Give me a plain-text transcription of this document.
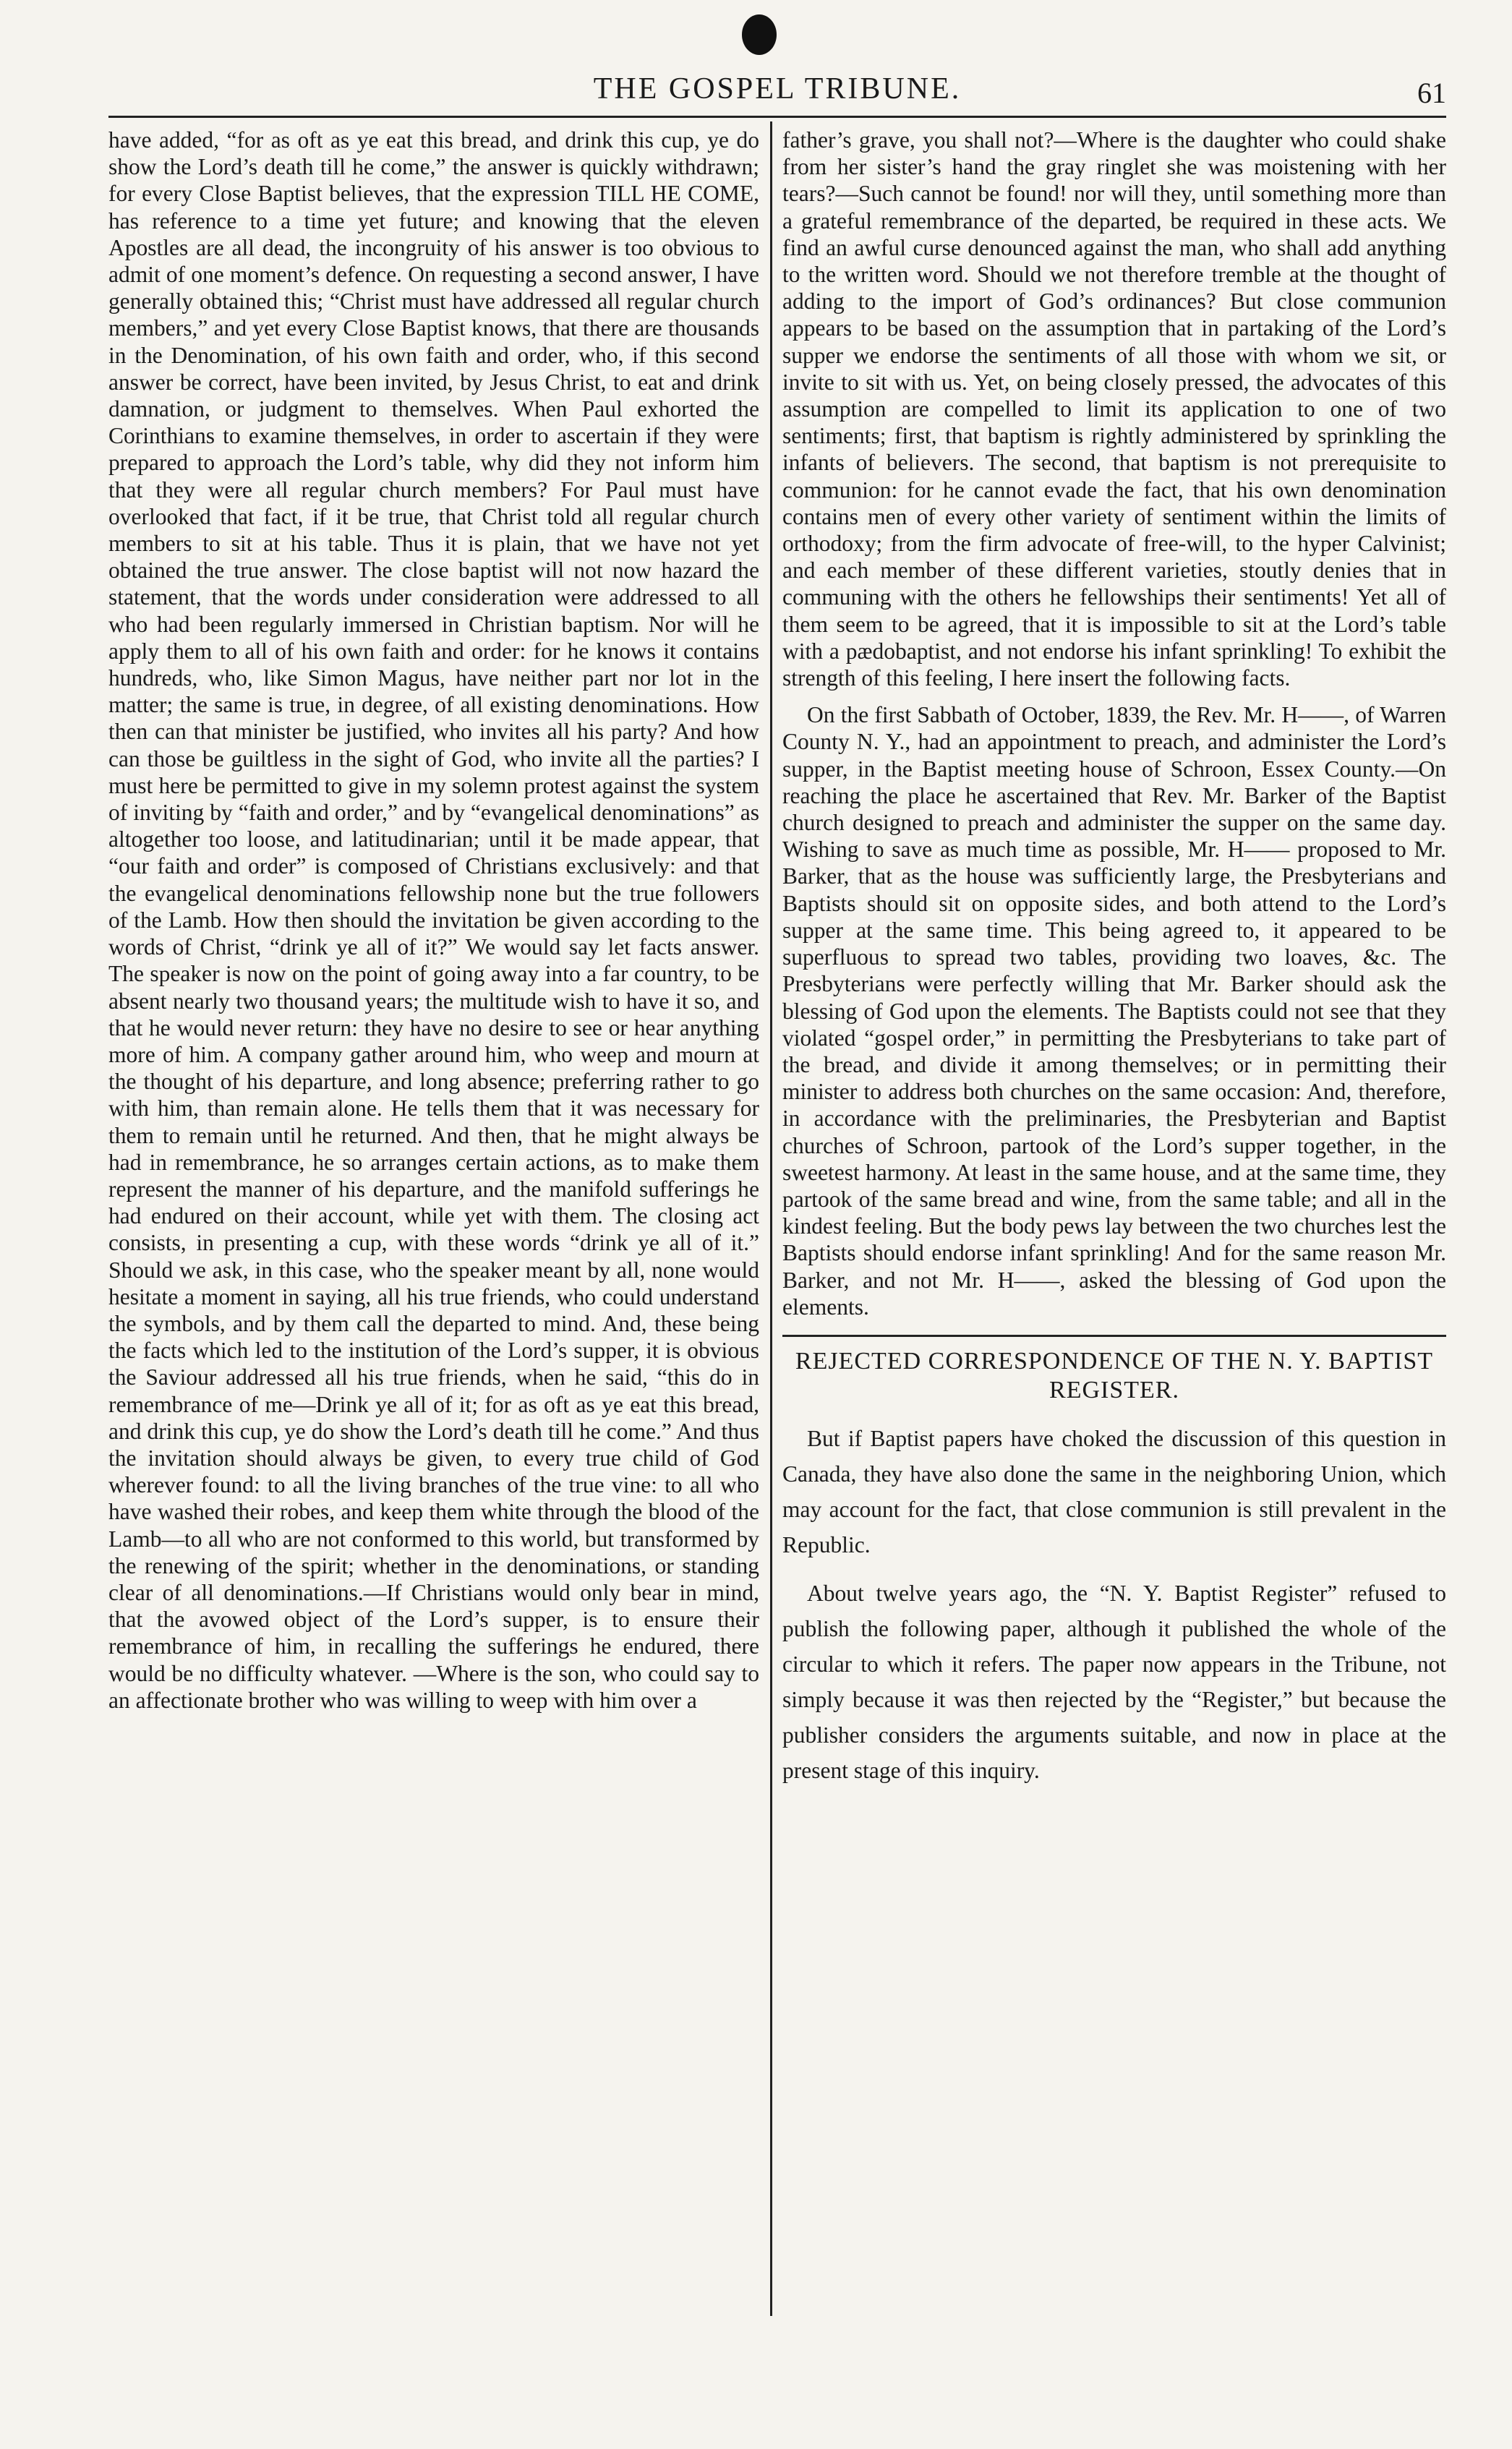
THE GOSPEL TRIBUNE.	61

have added, “for as oft as ye eat this bread, and drink this cup, ye do show the Lord’s death till he come,” the answer is quickly withdrawn; for every Close Baptist believes, that the expression TILL HE COME, has reference to a time yet future; and knowing that the eleven Apostles are all dead, the incongruity of his answer is too obvious to admit of one moment’s defence. On requesting a second answer, I have generally obtained this; “Christ must have addressed all regular church members,” and yet every Close Baptist knows, that there are thousands in the Denomination, of his own faith and order, who, if this second answer be correct, have been invited, by Jesus Christ, to eat and drink damnation, or judgment to themselves. When Paul exhorted the Corinthians to examine themselves, in order to ascertain if they were prepared to approach the Lord’s table, why did they not inform him that they were all regular church members? For Paul must have overlooked that fact, if it be true, that Christ told all regular church members to sit at his table. Thus it is plain, that we have not yet obtained the true answer. The close baptist will not now hazard the statement, that the words under consideration were addressed to all who had been regularly immersed in Christian baptism. Nor will he apply them to all of his own faith and order: for he knows it contains hundreds, who, like Simon Magus, have neither part nor lot in the matter; the same is true, in degree, of all existing denominations. How then can that minister be justified, who invites all his party? And how can those be guiltless in the sight of God, who invite all the parties? I must here be permitted to give in my solemn protest against the system of inviting by “faith and order,” and by “evangelical denominations” as altogether too loose, and latitudinarian; until it be made appear, that “our faith and order” is composed of Christians exclusively: and that the evangelical denominations fellowship none but the true followers of the Lamb. How then should the invitation be given according to the words of Christ, “drink ye all of it?” We would say let facts answer. The speaker is now on the point of going away into a far country, to be absent nearly two thousand years; the multitude wish to have it so, and that he would never return: they have no desire to see or hear anything more of him. A company gather around him, who weep and mourn at the thought of his departure, and long absence; preferring rather to go with him, than remain alone. He tells them that it was necessary for them to remain until he returned. And then, that he might always be had in remembrance, he so arranges certain actions, as to make them represent the manner of his departure, and the manifold sufferings he had endured on their account, while yet with them. The closing act consists, in presenting a cup, with these words “drink ye all of it.” Should we ask, in this case, who the speaker meant by all, none would hesitate a moment in saying, all his true friends, who could understand the symbols, and by them call the departed to mind. And, these being the facts which led to the institution of the Lord’s supper, it is obvious the Saviour addressed all his true friends, when he said, “this do in remembrance of me—Drink ye all of it; for as oft as ye eat this bread, and drink this cup, ye do show the Lord’s death till he come.” And thus the invitation should always be given, to every true child of God wherever found: to all the living branches of the true vine: to all who have washed their robes, and keep them white through the blood of the Lamb—to all who are not conformed to this world, but transformed by the renewing of the spirit; whether in the denominations, or standing clear of all denominations.—If Christians would only bear in mind, that the avowed object of the Lord’s supper, is to ensure their remembrance of him, in recalling the sufferings he endured, there would be no difficulty whatever. —Where is the son, who could say to an affectionate brother who was willing to weep with him over a

father’s grave, you shall not?—Where is the daughter who could shake from her sister’s hand the gray ringlet she was moistening with her tears?—Such cannot be found! nor will they, until something more than a grateful remembrance of the departed, be required in these acts. We find an awful curse denounced against the man, who shall add anything to the written word. Should we not therefore tremble at the thought of adding to the import of God’s ordinances? But close communion appears to be based on the assumption that in partaking of the Lord’s supper we endorse the sentiments of all those with whom we sit, or invite to sit with us. Yet, on being closely pressed, the advocates of this assumption are compelled to limit its application to one of two sentiments; first, that baptism is rightly administered by sprinkling the infants of believers. The second, that baptism is not prerequisite to communion: for he cannot evade the fact, that his own denomination contains men of every other variety of sentiment within the limits of orthodoxy; from the firm advocate of free-will, to the hyper Calvinist; and each member of these different varieties, stoutly denies that in communing with the others he fellowships their sentiments! Yet all of them seem to be agreed, that it is impossible to sit at the Lord’s table with a pædobaptist, and not endorse his infant sprinkling! To exhibit the strength of this feeling, I here insert the following facts.

On the first Sabbath of October, 1839, the Rev. Mr. H——, of Warren County N. Y., had an appointment to preach, and administer the Lord’s supper, in the Baptist meeting house of Schroon, Essex County.—On reaching the place he ascertained that Rev. Mr. Barker of the Baptist church designed to preach and administer the supper on the same day. Wishing to save as much time as possible, Mr. H—— proposed to Mr. Barker, that as the house was sufficiently large, the Presbyterians and Baptists should sit on opposite sides, and both attend to the Lord’s supper at the same time. This being agreed to, it appeared to be superfluous to spread two tables, providing two loaves, &c. The Presbyterians were perfectly willing that Mr. Barker should ask the blessing of God upon the elements. The Baptists could not see that they violated “gospel order,” in permitting the Presbyterians to take part of the bread, and divide it among themselves; or in permitting their minister to address both churches on the same occasion: And, therefore, in accordance with the preliminaries, the Presbyterian and Baptist churches of Schroon, partook of the Lord’s supper together, in the sweetest harmony. At least in the same house, and at the same time, they partook of the same bread and wine, from the same table; and all in the kindest feeling. But the body pews lay between the two churches lest the Baptists should endorse infant sprinkling! And for the same reason Mr. Barker, and not Mr. H——, asked the blessing of God upon the elements.

REJECTED CORRESPONDENCE OF THE N. Y. BAPTIST REGISTER.

But if Baptist papers have choked the discussion of this question in Canada, they have also done the same in the neighboring Union, which may account for the fact, that close communion is still prevalent in the Republic.

About twelve years ago, the “N. Y. Baptist Register” refused to publish the following paper, although it published the whole of the circular to which it refers. The paper now appears in the Tribune, not simply because it was then rejected by the “Register,” but because the publisher considers the arguments suitable, and now in place at the present stage of this inquiry.
